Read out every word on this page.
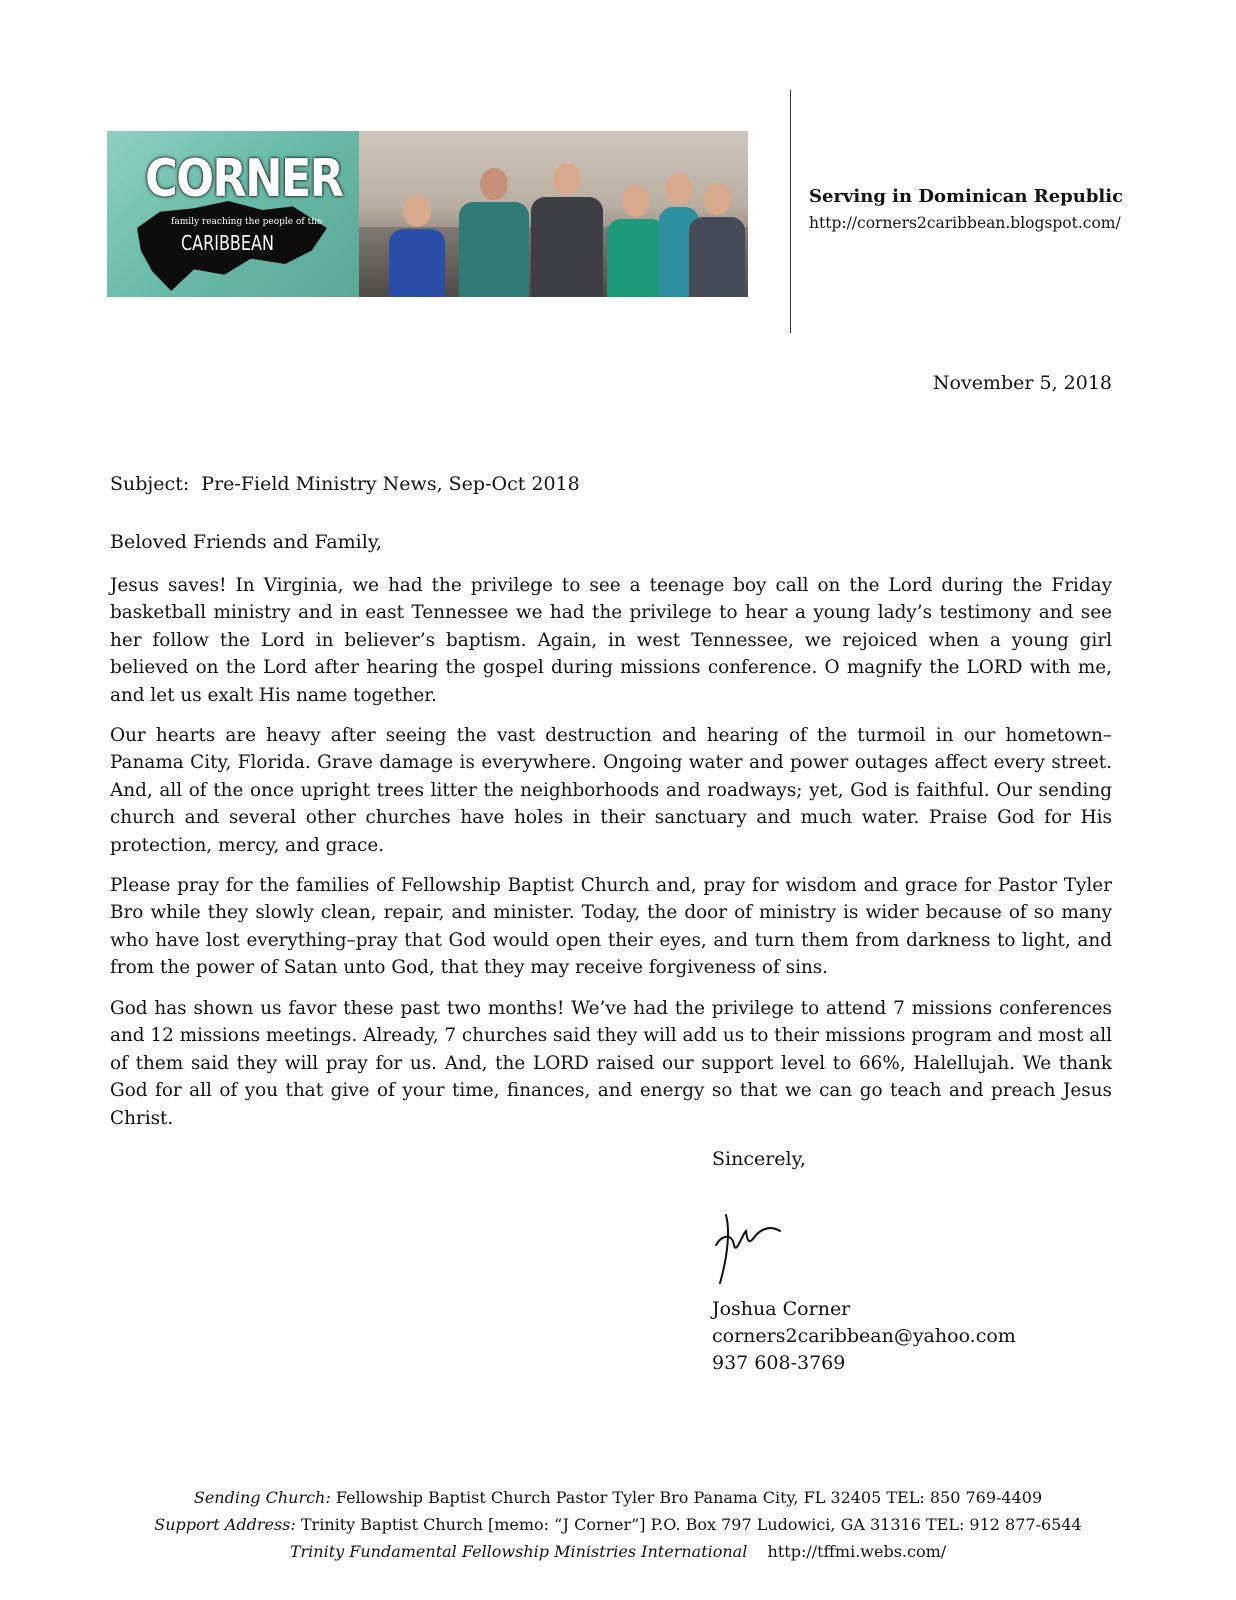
CORNER
family reaching the people of the
CARIBBEAN
Serving in Dominican Republic
http://corners2caribbean.blogspot.com/
November 5, 2018
Subject: Pre-Field Ministry News, Sep-Oct 2018
Beloved Friends and Family,
Jesus saves! In Virginia, we had the privilege to see a teenage boy call on the Lord during the Friday basketball ministry and in east Tennessee we had the privilege to hear a young lady’s testimony and see her follow the Lord in believer’s baptism. Again, in west Tennessee, we rejoiced when a young girl believed on the Lord after hearing the gospel during missions conference. O magnify the LORD with me, and let us exalt His name together.
Our hearts are heavy after seeing the vast destruction and hearing of the turmoil in our hometown–Panama City, Florida. Grave damage is everywhere. Ongoing water and power outages affect every street. And, all of the once upright trees litter the neighborhoods and roadways; yet, God is faithful. Our sending church and several other churches have holes in their sanctuary and much water. Praise God for His protection, mercy, and grace.
Please pray for the families of Fellowship Baptist Church and, pray for wisdom and grace for Pastor Tyler Bro while they slowly clean, repair, and minister. Today, the door of ministry is wider because of so many who have lost everything–pray that God would open their eyes, and turn them from darkness to light, and from the power of Satan unto God, that they may receive forgiveness of sins.
God has shown us favor these past two months! We’ve had the privilege to attend 7 missions conferences and 12 missions meetings. Already, 7 churches said they will add us to their missions program and most all of them said they will pray for us. And, the LORD raised our support level to 66%, Halellujah. We thank God for all of you that give of your time, finances, and energy so that we can go teach and preach Jesus Christ.
Sincerely,
Joshua Corner
corners2caribbean@yahoo.com
937 608-3769
Sending Church: Fellowship Baptist Church Pastor Tyler Bro Panama City, FL 32405 TEL: 850 769-4409
Support Address: Trinity Baptist Church [memo: “J Corner”] P.O. Box 797 Ludowici, GA 31316 TEL: 912 877-6544
Trinity Fundamental Fellowship Ministries International http://tffmi.webs.com/
